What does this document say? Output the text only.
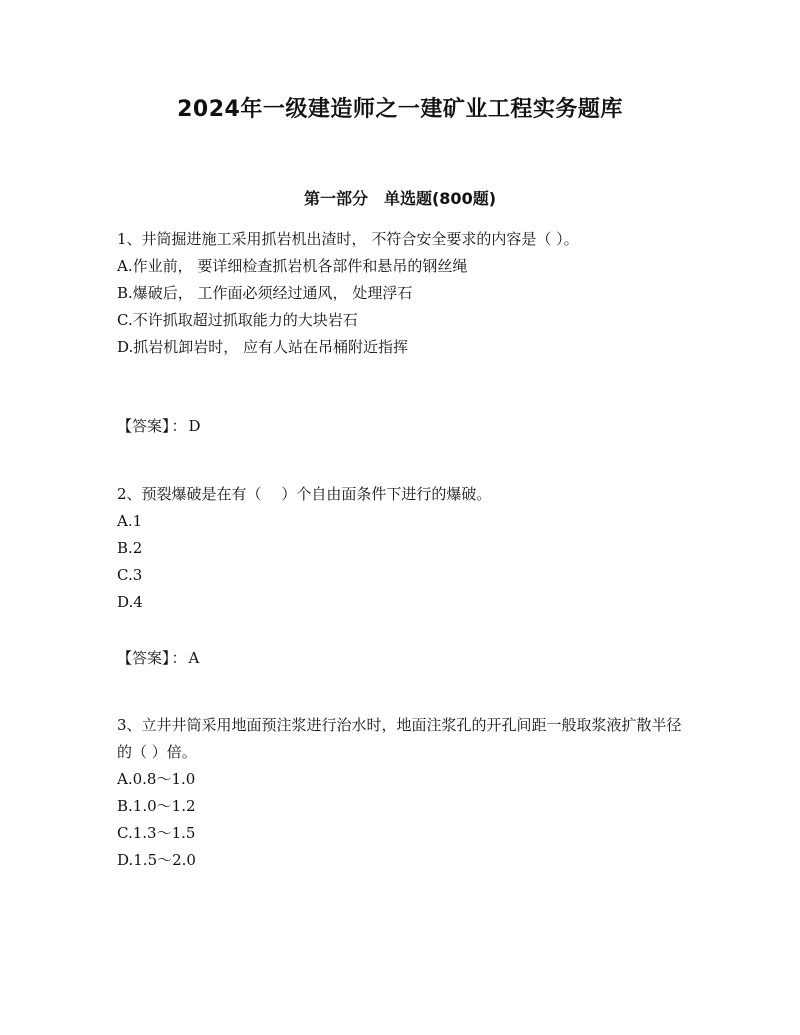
2024年一级建造师之一建矿业工程实务题库
第一部分　单选题(800题)
1、井筒掘进施工采用抓岩机出渣时， 不符合安全要求的内容是（ ）。
A.作业前， 要详细检查抓岩机各部件和悬吊的钢丝绳
B.爆破后， 工作面必须经过通风， 处理浮石
C.不许抓取超过抓取能力的大块岩石
D.抓岩机卸岩时， 应有人站在吊桶附近指挥
【答案】 ： D
2、预裂爆破是在有（　 ）个自由面条件下进行的爆破。
A.1
B.2
C.3
D.4
【答案】 ： A
3、立井井筒采用地面预注浆进行治水时，地面注浆孔的开孔间距一般取浆液扩散半径的（ ）倍。
A.0.8～1.0
B.1.0～1.2
C.1.3～1.5
D.1.5～2.0
